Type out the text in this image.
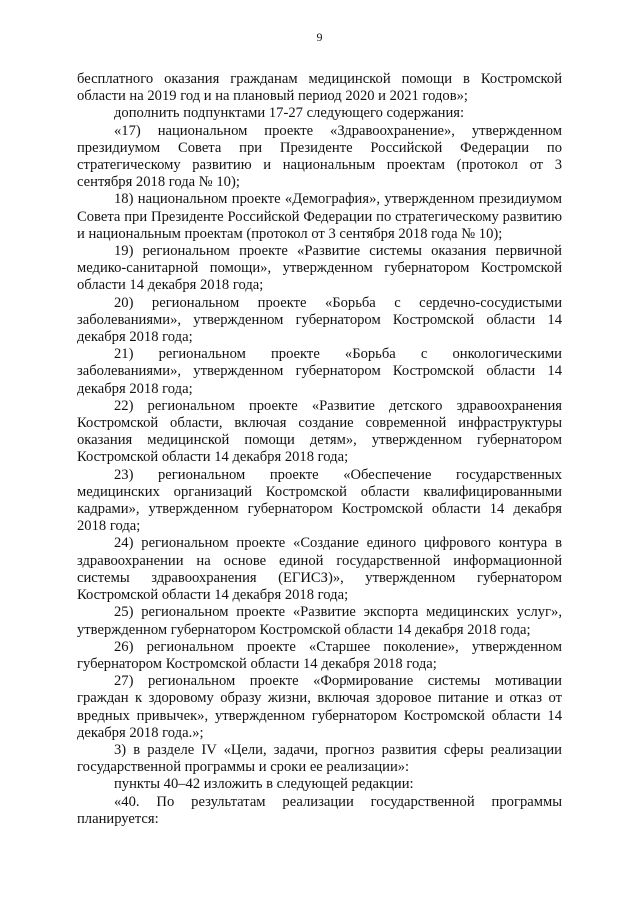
9

бесплатного оказания гражданам медицинской помощи в Костромской области на 2019 год и на плановый период 2020 и 2021 годов»;

дополнить подпунктами 17-27 следующего содержания:

«17) национальном проекте «Здравоохранение», утвержденном президиумом Совета при Президенте Российской Федерации по стратегическому развитию и национальным проектам (протокол от 3 сентября 2018 года № 10);

18) национальном проекте «Демография», утвержденном президиумом Совета при Президенте Российской Федерации по стратегическому развитию и национальным проектам (протокол от 3 сентября 2018 года № 10);

19) региональном проекте «Развитие системы оказания первичной медико-санитарной помощи», утвержденном губернатором Костромской области 14 декабря 2018 года;

20) региональном проекте «Борьба с сердечно-сосудистыми заболеваниями», утвержденном губернатором Костромской области 14 декабря 2018 года;

21) региональном проекте «Борьба с онкологическими заболеваниями», утвержденном губернатором Костромской области 14 декабря 2018 года;

22) региональном проекте «Развитие детского здравоохранения Костромской области, включая создание современной инфраструктуры оказания медицинской помощи детям», утвержденном губернатором Костромской области 14 декабря 2018 года;

23) региональном проекте «Обеспечение государственных медицинских организаций Костромской области квалифицированными кадрами», утвержденном губернатором Костромской области 14 декабря 2018 года;

24) региональном проекте «Создание единого цифрового контура в здравоохранении на основе единой государственной информационной системы здравоохранения (ЕГИСЗ)», утвержденном губернатором Костромской области 14 декабря 2018 года;

25) региональном проекте «Развитие экспорта медицинских услуг», утвержденном губернатором Костромской области 14 декабря 2018 года;

26) региональном проекте «Старшее поколение», утвержденном губернатором Костромской области 14 декабря 2018 года;

27) региональном проекте «Формирование системы мотивации граждан к здоровому образу жизни, включая здоровое питание и отказ от вредных привычек», утвержденном губернатором Костромской области 14 декабря 2018 года.»;

3) в разделе IV «Цели, задачи, прогноз развития сферы реализации государственной программы и сроки ее реализации»:

пункты 40–42 изложить в следующей редакции:

«40. По результатам реализации государственной программы планируется:
